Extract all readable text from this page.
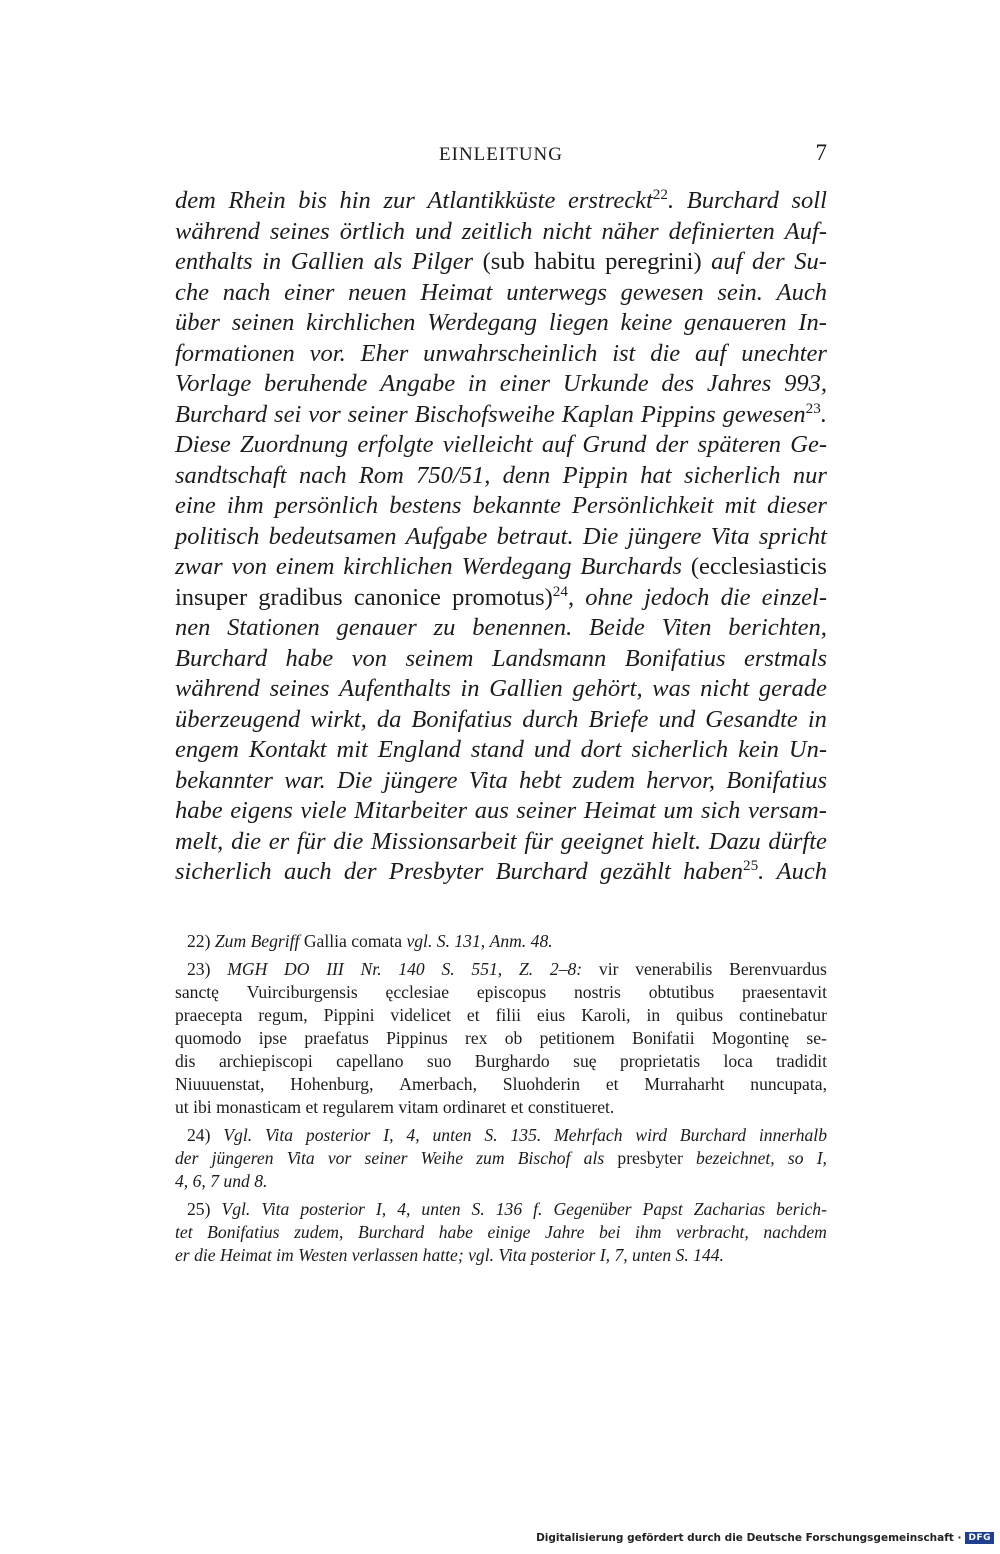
EINLEITUNG	7
dem Rhein bis hin zur Atlantikküste erstreckt$^{22}$. Burchard soll
während seines örtlich und zeitlich nicht näher definierten Auf-
enthalts in Gallien als Pilger (sub habitu peregrini) auf der Su-
che nach einer neuen Heimat unterwegs gewesen sein. Auch
über seinen kirchlichen Werdegang liegen keine genaueren In-
formationen vor. Eher unwahrscheinlich ist die auf unechter
Vorlage beruhende Angabe in einer Urkunde des Jahres 993,
Burchard sei vor seiner Bischofsweihe Kaplan Pippins gewesen$^{23}$.
Diese Zuordnung erfolgte vielleicht auf Grund der späteren Ge-
sandtschaft nach Rom 750/51, denn Pippin hat sicherlich nur
eine ihm persönlich bestens bekannte Persönlichkeit mit dieser
politisch bedeutsamen Aufgabe betraut. Die jüngere Vita spricht
zwar von einem kirchlichen Werdegang Burchards (ecclesiasticis
insuper gradibus canonice promotus)$^{24}$, ohne jedoch die einzel-
nen Stationen genauer zu benennen. Beide Viten berichten,
Burchard habe von seinem Landsmann Bonifatius erstmals
während seines Aufenthalts in Gallien gehört, was nicht gerade
überzeugend wirkt, da Bonifatius durch Briefe und Gesandte in
engem Kontakt mit England stand und dort sicherlich kein Un-
bekannter war. Die jüngere Vita hebt zudem hervor, Bonifatius
habe eigens viele Mitarbeiter aus seiner Heimat um sich versam-
melt, die er für die Missionsarbeit für geeignet hielt. Dazu dürfte
sicherlich auch der Presbyter Burchard gezählt haben$^{25}$. Auch
22)
Zum
Begriff
Gallia
comata
vgl.
S.
131,
Anm.
48.
23) MGH DO III Nr. 140 S. 551, Z. 2–8: vir venerabilis Berenvuardus
sanctę Vuirciburgensis ęcclesiae episcopus nostris obtutibus praesentavit
praecepta regum, Pippini videlicet et filii eius Karoli, in quibus continebatur
quomodo ipse praefatus Pippinus rex ob petitionem Bonifatii Mogontinę se-
dis archiepiscopi capellano suo Burghardo suę proprietatis loca tradidit
Niuuuenstat, Hohenburg, Amerbach, Sluohderin et Murraharht nuncupata,
ut
ibi
monasticam
et
regularem
vitam
ordinaret
et
constitueret.
24) Vgl. Vita posterior I, 4, unten S. 135. Mehrfach wird Burchard innerhalb
der jüngeren Vita vor seiner Weihe zum Bischof als presbyter bezeichnet, so I,
4,
6,
7
und
8.
25) Vgl. Vita posterior I, 4, unten S. 136 f. Gegenüber Papst Zacharias berich-
tet Bonifatius zudem, Burchard habe einige Jahre bei ihm verbracht, nachdem
er
die
Heimat
im
Westen
verlassen
hatte;
vgl.
Vita
posterior
I,
7,
unten
S.
144.
Digitalisierung gefördert durch die Deutsche Forschungsgemeinschaft · DFG
